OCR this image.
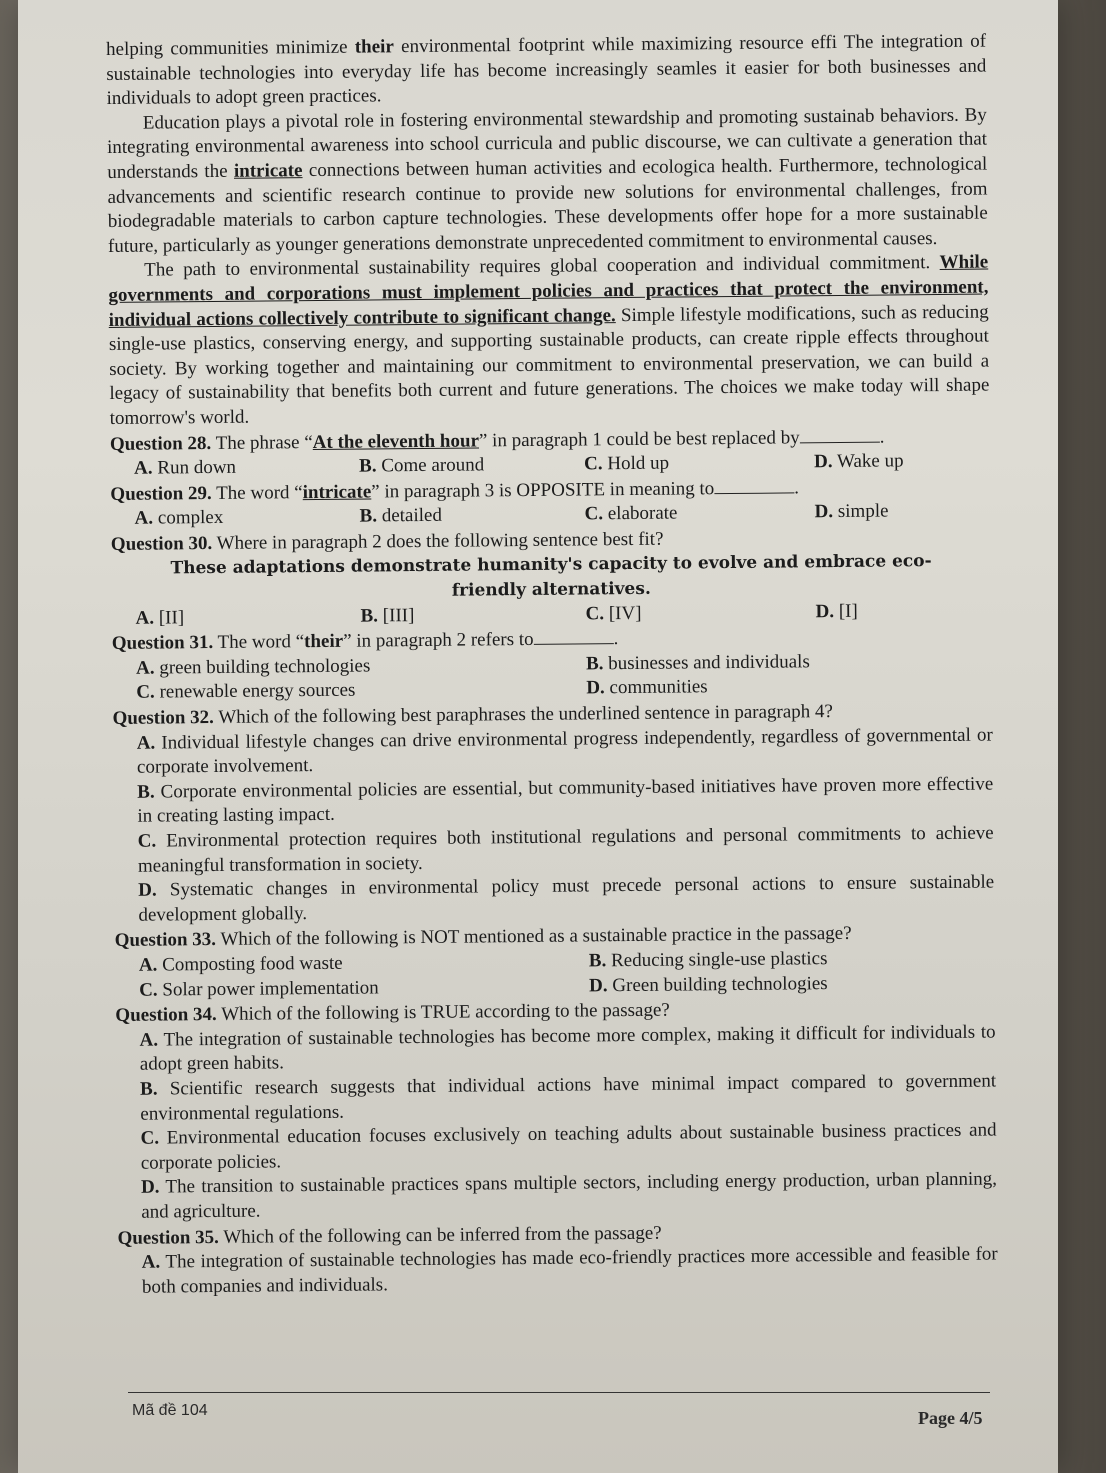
helping communities minimize their environmental footprint while maximizing resource effi The integration of sustainable technologies into everyday life has become increasingly seamles it easier for both businesses and individuals to adopt green practices.

Education plays a pivotal role in fostering environmental stewardship and promoting sustainab behaviors. By integrating environmental awareness into school curricula and public discourse, we can cultivate a generation that understands the intricate connections between human activities and ecologica health. Furthermore, technological advancements and scientific research continue to provide new solutions for environmental challenges, from biodegradable materials to carbon capture technologies. These developments offer hope for a more sustainable future, particularly as younger generations demonstrate unprecedented commitment to environmental causes.

The path to environmental sustainability requires global cooperation and individual commitment. While governments and corporations must implement policies and practices that protect the environment, individual actions collectively contribute to significant change. Simple lifestyle modifications, such as reducing single-use plastics, conserving energy, and supporting sustainable products, can create ripple effects throughout society. By working together and maintaining our commitment to environmental preservation, we can build a legacy of sustainability that benefits both current and future generations. The choices we make today will shape tomorrow's world.

Question 28. The phrase “At the eleventh hour” in paragraph 1 could be best replaced by	.
A. Run down	B. Come around	C. Hold up	D. Wake up
Question 29. The word “intricate” in paragraph 3 is OPPOSITE in meaning to	.
A. complex	B. detailed	C. elaborate	D. simple
Question 30. Where in paragraph 2 does the following sentence best fit?
These adaptations demonstrate humanity's capacity to evolve and embrace eco-friendly alternatives.
A. [II]	B. [III]	C. [IV]	D. [I]
Question 31. The word “their” in paragraph 2 refers to	.
A. green building technologies	B. businesses and individuals
C. renewable energy sources	D. communities
Question 32. Which of the following best paraphrases the underlined sentence in paragraph 4?

A. Individual lifestyle changes can drive environmental progress independently, regardless of governmental or corporate involvement.

B. Corporate environmental policies are essential, but community-based initiatives have proven more effective in creating lasting impact.

C. Environmental protection requires both institutional regulations and personal commitments to achieve meaningful transformation in society.

D. Systematic changes in environmental policy must precede personal actions to ensure sustainable development globally.

Question 33. Which of the following is NOT mentioned as a sustainable practice in the passage?
A. Composting food waste	B. Reducing single-use plastics
C. Solar power implementation	D. Green building technologies
Question 34. Which of the following is TRUE according to the passage?

A. The integration of sustainable technologies has become more complex, making it difficult for individuals to adopt green habits.

B. Scientific research suggests that individual actions have minimal impact compared to government environmental regulations.

C. Environmental education focuses exclusively on teaching adults about sustainable business practices and corporate policies.

D. The transition to sustainable practices spans multiple sectors, including energy production, urban planning, and agriculture.

Question 35. Which of the following can be inferred from the passage?

A. The integration of sustainable technologies has made eco-friendly practices more accessible and feasible for both companies and individuals.

Mã đề 104	Page 4/5
